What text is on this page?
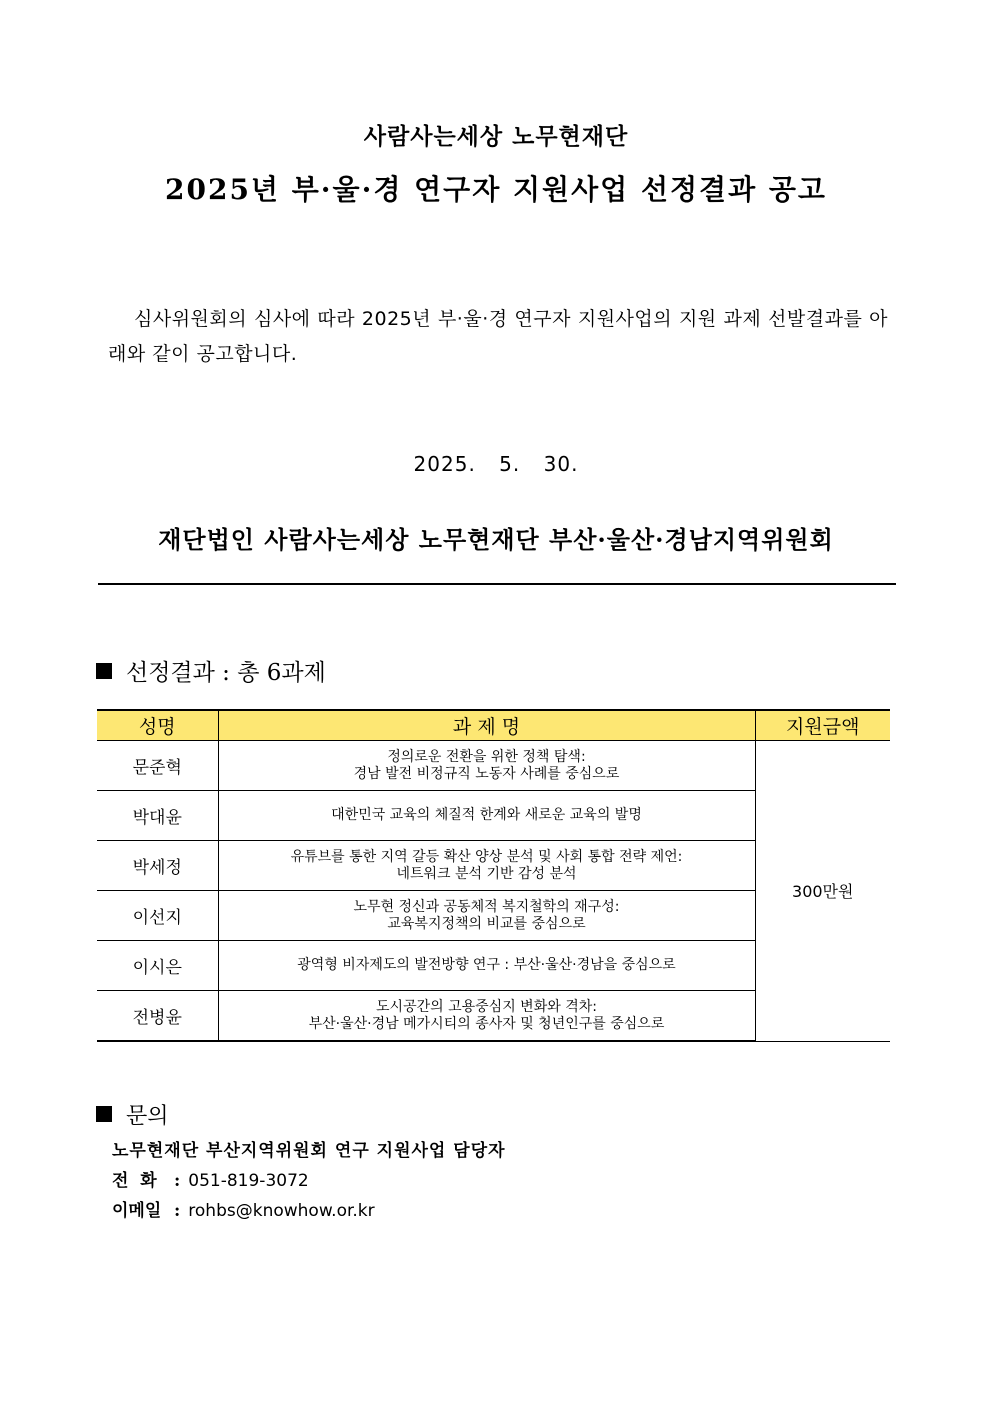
사람사는세상 노무현재단
2025년 부·울·경 연구자 지원사업 선정결과 공고
심사위원회의 심사에 따라 2025년 부·울·경 연구자 지원사업의 지원 과제 선발결과를 아래와 같이 공고합니다.
2025. 5. 30.
재단법인 사람사는세상 노무현재단 부산·울산·경남지역위원회
선정결과 : 총 6과제
성명	과 제 명	지원금액
문준혁	정의로운 전환을 위한 정책 탐색:
경남 발전 비정규직 노동자 사례를 중심으로	300만원
박대윤	대한민국 교육의 체질적 한계와 새로운 교육의 발명	

박세정	유튜브를 통한 지역 갈등 확산 양상 분석 및 사회 통합 전략 제언:
네트워크 분석 기반 감성 분석	

이선지	노무현 정신과 공동체적 복지철학의 재구성:
교육복지정책의 비교를 중심으로	

이시은	광역형 비자제도의 발전방향 연구 : 부산·울산·경남을 중심으로	

전병윤	도시공간의 고용중심지 변화와 격차:
부산·울산·경남 메가시티의 종사자 및 청년인구를 중심으로	
문의
노무현재단 부산지역위원회 연구 지원사업 담당자
전  화 : 051-819-3072
이메일 : rohbs@knowhow.or.kr
